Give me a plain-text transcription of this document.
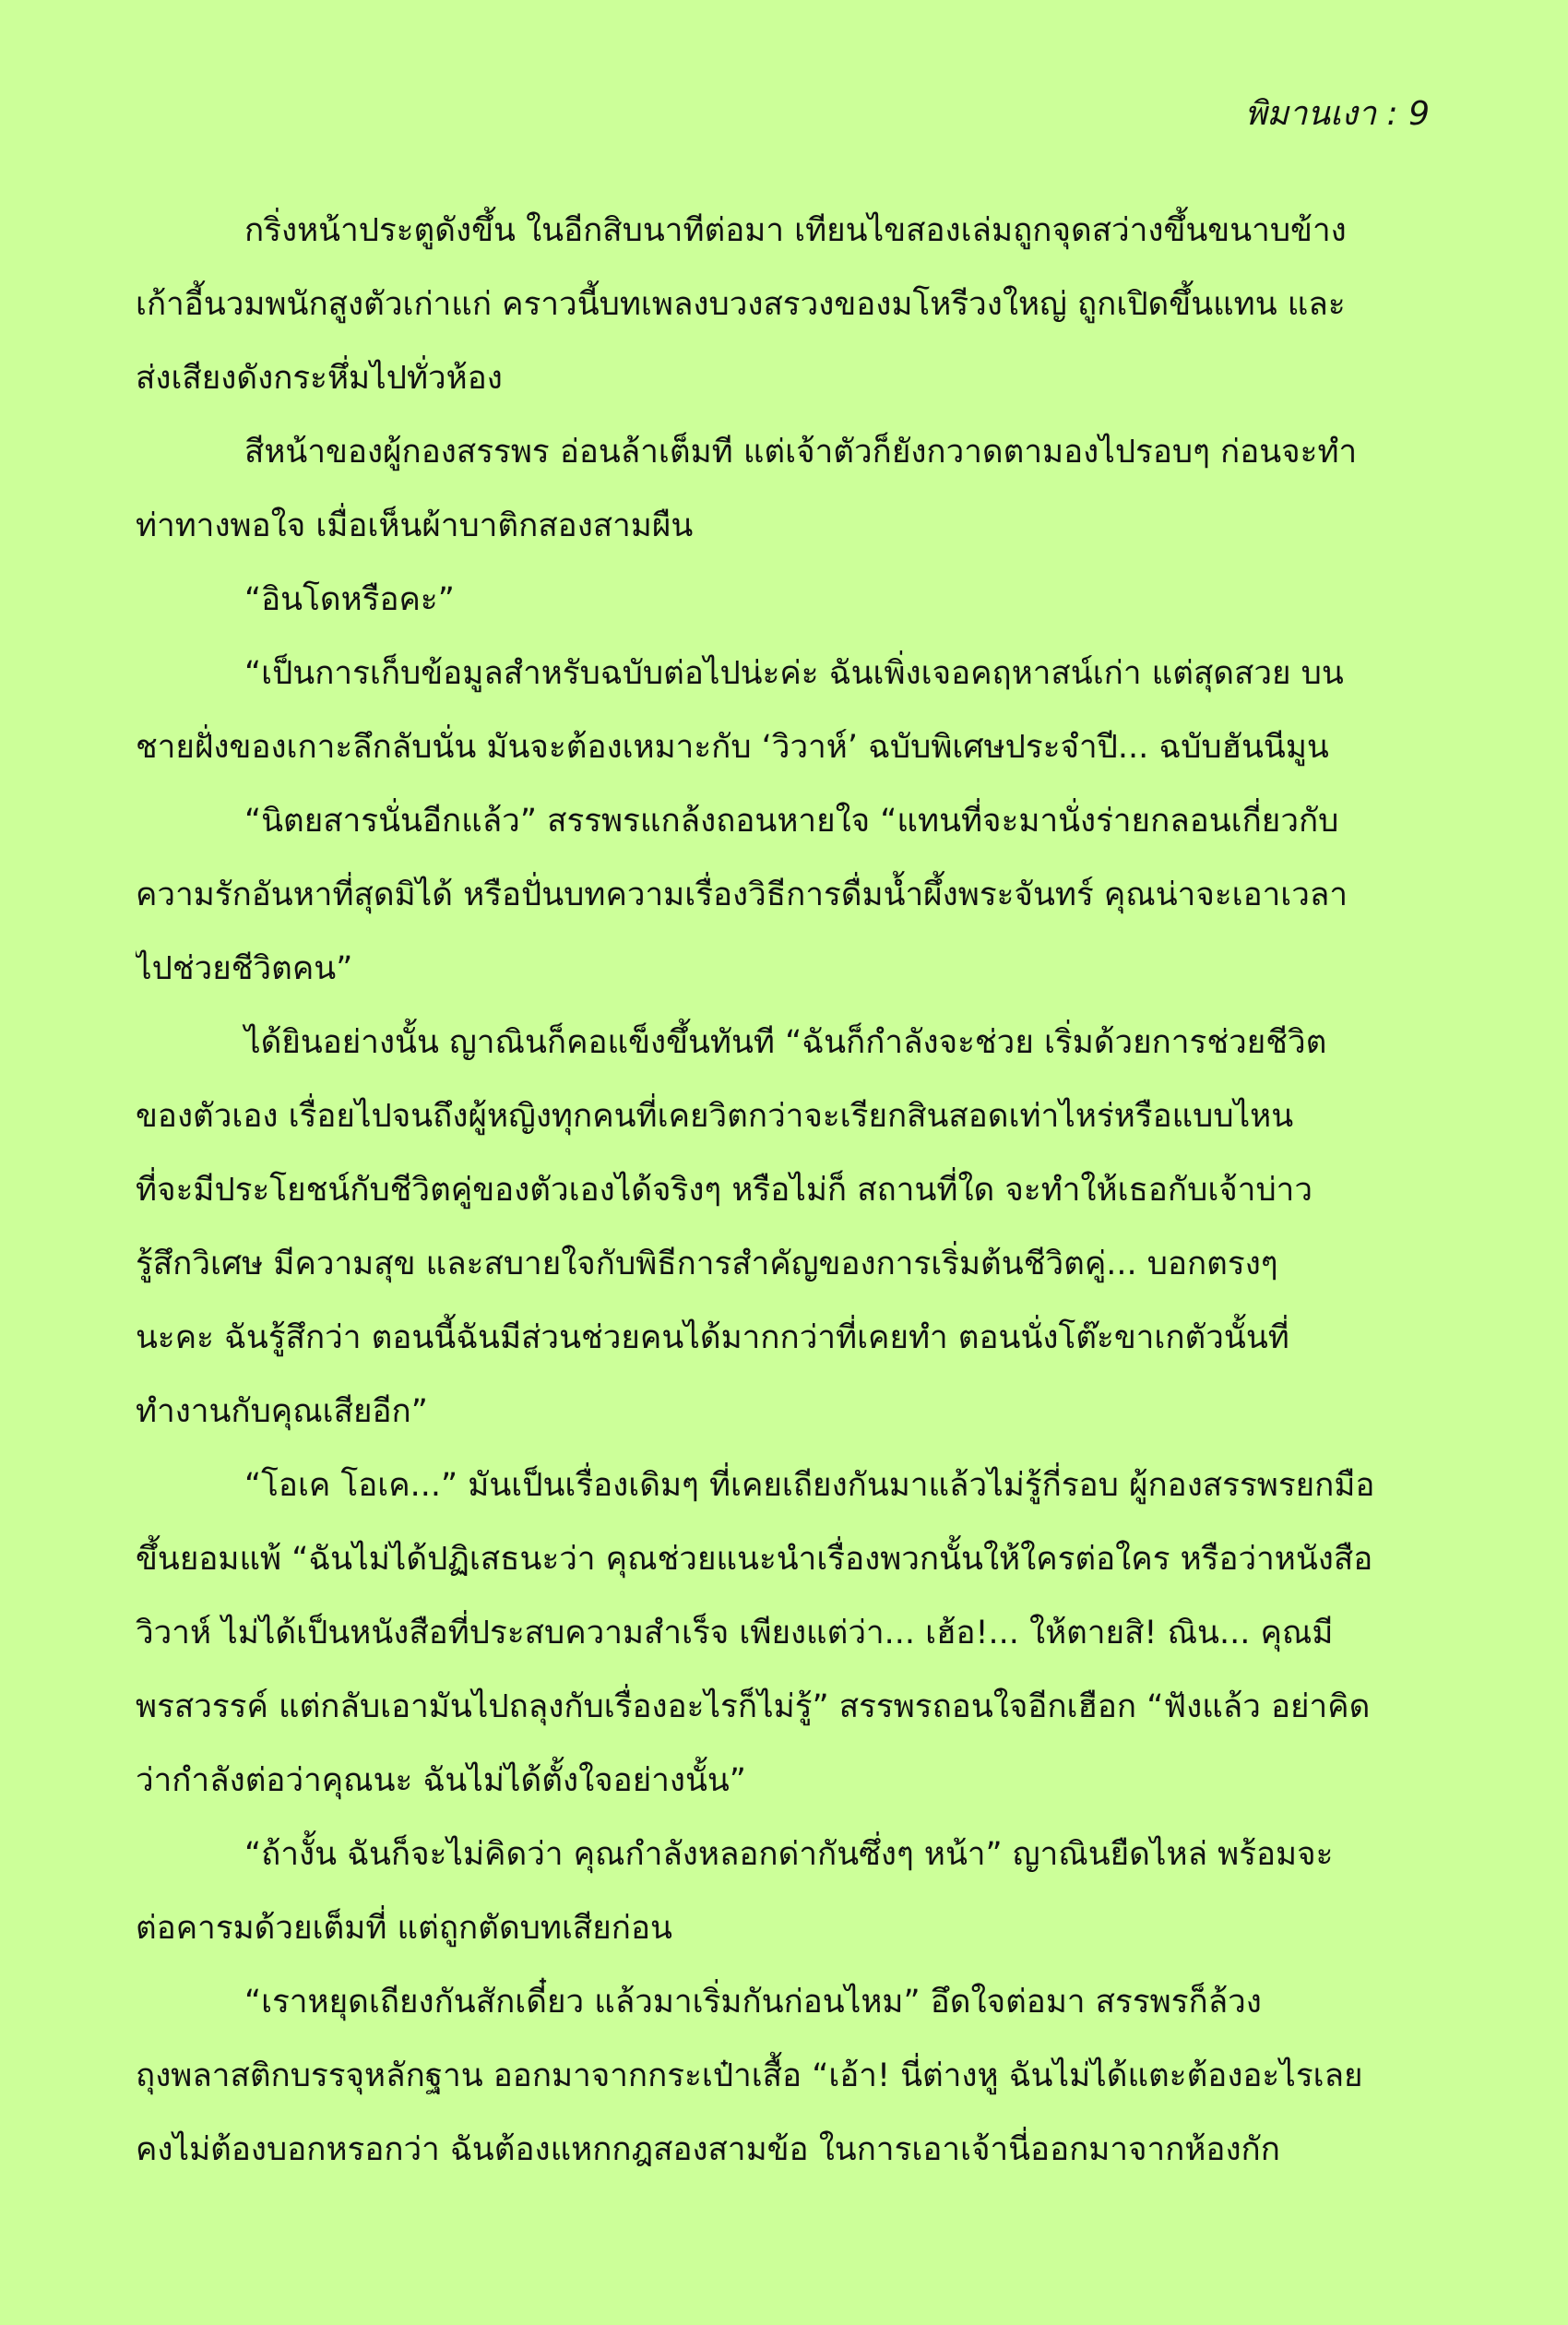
พิมานเงา : 9
กริ่งหน้าประตูดังขึ้น ในอีกสิบนาทีต่อมา เทียนไขสองเล่มถูกจุดสว่างขึ้นขนาบข้าง
เก้าอี้นวมพนักสูงตัวเก่าแก่ คราวนี้บทเพลงบวงสรวงของมโหรีวงใหญ่ ถูกเปิดขึ้นแทน และ
ส่งเสียงดังกระหึ่มไปทั่วห้อง
สีหน้าของผู้กองสรรพร อ่อนล้าเต็มที แต่เจ้าตัวก็ยังกวาดตามองไปรอบๆ ก่อนจะทำ
ท่าทางพอใจ เมื่อเห็นผ้าบาติกสองสามผืน
“อินโดหรือคะ”
“เป็นการเก็บข้อมูลสำหรับฉบับต่อไปน่ะค่ะ ฉันเพิ่งเจอคฤหาสน์เก่า แต่สุดสวย บน
ชายฝั่งของเกาะลึกลับนั่น มันจะต้องเหมาะกับ ‘วิวาห์’ ฉบับพิเศษประจำปี... ฉบับฮันนีมูน
“นิตยสารนั่นอีกแล้ว” สรรพรแกล้งถอนหายใจ “แทนที่จะมานั่งร่ายกลอนเกี่ยวกับ
ความรักอันหาที่สุดมิได้ หรือปั่นบทความเรื่องวิธีการดื่มน้ำผึ้งพระจันทร์ คุณน่าจะเอาเวลา
ไปช่วยชีวิตคน”
ได้ยินอย่างนั้น ญาณินก็คอแข็งขึ้นทันที “ฉันก็กำลังจะช่วย เริ่มด้วยการช่วยชีวิต
ของตัวเอง เรื่อยไปจนถึงผู้หญิงทุกคนที่เคยวิตกว่าจะเรียกสินสอดเท่าไหร่หรือแบบไหน
ที่จะมีประโยชน์กับชีวิตคู่ของตัวเองได้จริงๆ หรือไม่ก็ สถานที่ใด จะทำให้เธอกับเจ้าบ่าว
รู้สึกวิเศษ มีความสุข และสบายใจกับพิธีการสำคัญของการเริ่มต้นชีวิตคู่... บอกตรงๆ
นะคะ ฉันรู้สึกว่า ตอนนี้ฉันมีส่วนช่วยคนได้มากกว่าที่เคยทำ ตอนนั่งโต๊ะขาเกตัวนั้นที่
ทำงานกับคุณเสียอีก”
“โอเค โอเค...” มันเป็นเรื่องเดิมๆ ที่เคยเถียงกันมาแล้วไม่รู้กี่รอบ ผู้กองสรรพรยกมือ
ขึ้นยอมแพ้ “ฉันไม่ได้ปฏิเสธนะว่า คุณช่วยแนะนำเรื่องพวกนั้นให้ใครต่อใคร หรือว่าหนังสือ
วิวาห์ ไม่ได้เป็นหนังสือที่ประสบความสำเร็จ เพียงแต่ว่า... เฮ้อ!... ให้ตายสิ! ณิน... คุณมี
พรสวรรค์ แต่กลับเอามันไปถลุงกับเรื่องอะไรก็ไม่รู้” สรรพรถอนใจอีกเฮือก “ฟังแล้ว อย่าคิด
ว่ากำลังต่อว่าคุณนะ ฉันไม่ได้ตั้งใจอย่างนั้น”
“ถ้างั้น ฉันก็จะไม่คิดว่า คุณกำลังหลอกด่ากันซึ่งๆ หน้า” ญาณินยืดไหล่ พร้อมจะ
ต่อคารมด้วยเต็มที่ แต่ถูกตัดบทเสียก่อน
“เราหยุดเถียงกันสักเดี๋ยว แล้วมาเริ่มกันก่อนไหม” อึดใจต่อมา สรรพรก็ล้วง
ถุงพลาสติกบรรจุหลักฐาน ออกมาจากกระเป๋าเสื้อ “เอ้า! นี่ต่างหู ฉันไม่ได้แตะต้องอะไรเลย
คงไม่ต้องบอกหรอกว่า ฉันต้องแหกกฎสองสามข้อ ในการเอาเจ้านี่ออกมาจากห้องกัก
